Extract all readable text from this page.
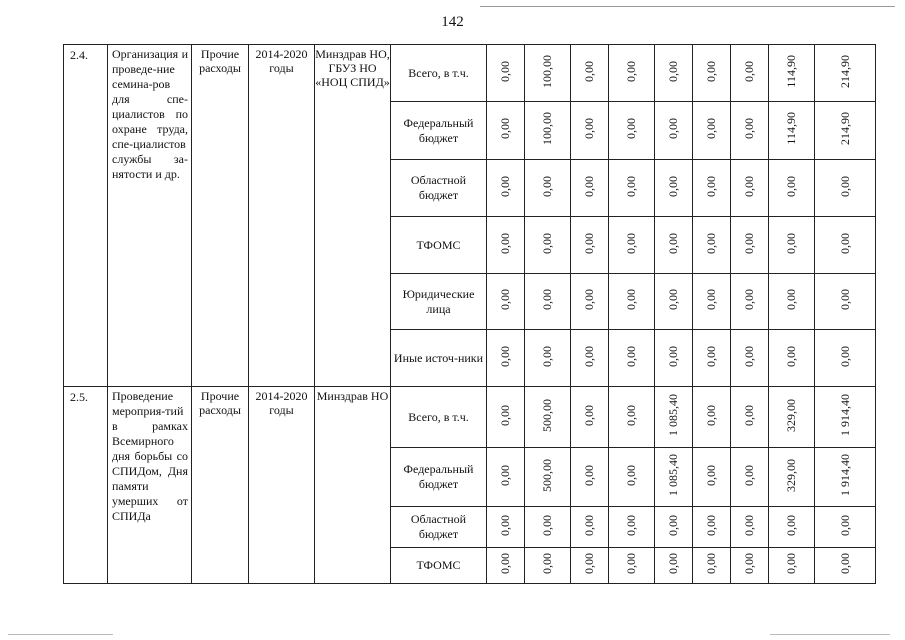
142
2.4.	Организация и проведе-ние семина-ров для спе-циалистов по охране труда, спе-циалистов службы за-нятости и др.	Прочие расходы	2014-2020 годы	Минздрав НО, ГБУЗ НО «НОЦ СПИД»	Всего, в т.ч.	0,00	100,00	0,00	0,00	0,00	0,00	0,00	114,90	214,90
					Федеральный бюджет	0,00	100,00	0,00	0,00	0,00	0,00	0,00	114,90	214,90
					Областной бюджет	0,00	0,00	0,00	0,00	0,00	0,00	0,00	0,00	0,00
					ТФОМС	0,00	0,00	0,00	0,00	0,00	0,00	0,00	0,00	0,00
					Юридические лица	0,00	0,00	0,00	0,00	0,00	0,00	0,00	0,00	0,00
					Иные источ-ники	0,00	0,00	0,00	0,00	0,00	0,00	0,00	0,00	0,00
2.5.	Проведение мероприя-тий в рамках Всемирного дня борьбы со СПИДом, Дня памяти умерших от СПИДа	Прочие расходы	2014-2020 годы	Минздрав НО	Всего, в т.ч.	0,00	500,00	0,00	0,00	1 085,40	0,00	0,00	329,00	1 914,40
					Федеральный бюджет	0,00	500,00	0,00	0,00	1 085,40	0,00	0,00	329,00	1 914,40
					Областной бюджет	0,00	0,00	0,00	0,00	0,00	0,00	0,00	0,00	0,00
					ТФОМС	0,00	0,00	0,00	0,00	0,00	0,00	0,00	0,00	0,00
